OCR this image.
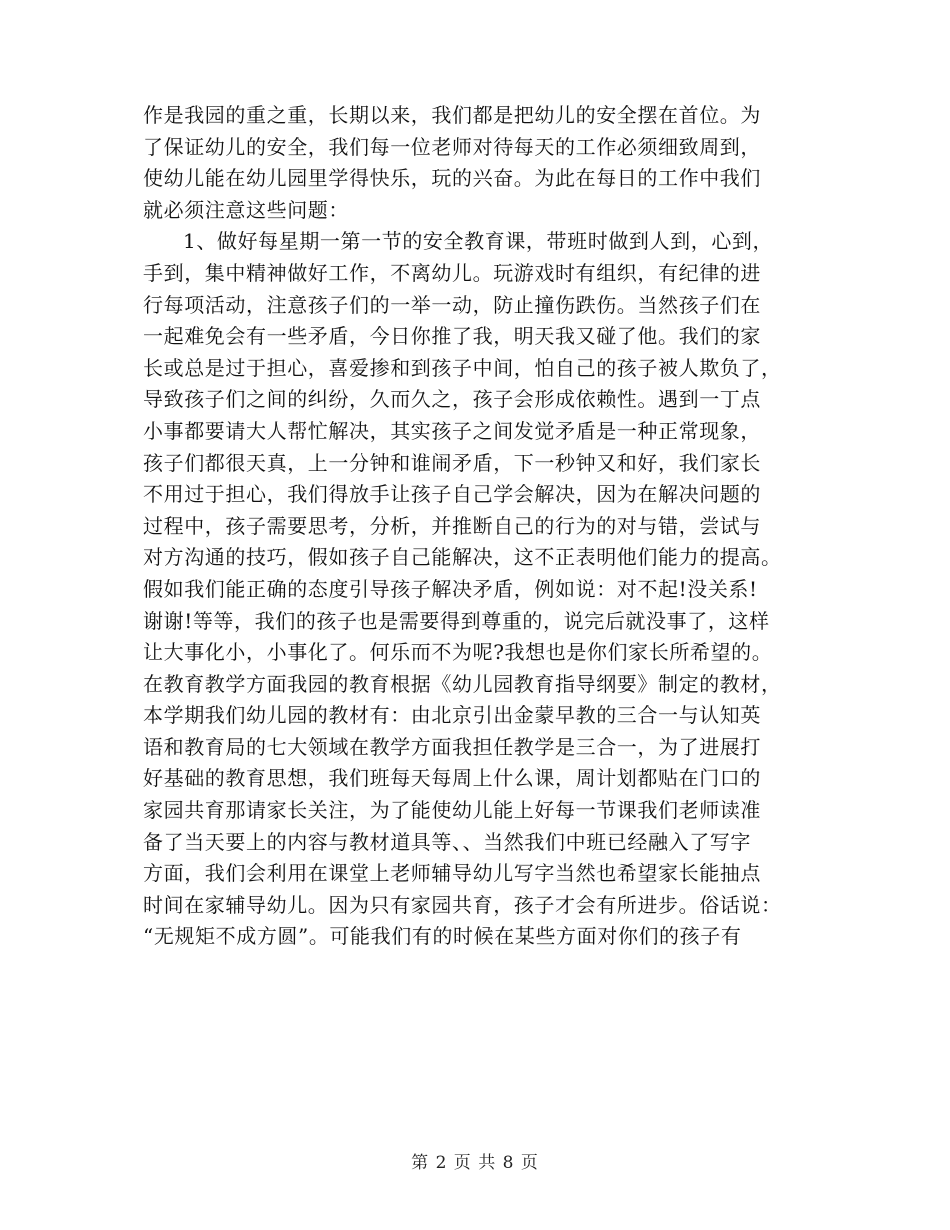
作是我园的重之重，长期以来，我们都是把幼儿的安全摆在首位。为
了保证幼儿的安全，我们每一位老师对待每天的工作必须细致周到，
使幼儿能在幼儿园里学得快乐，玩的兴奋。为此在每日的工作中我们
就必须注意这些问题：
1、做好每星期一第一节的安全教育课，带班时做到人到，心到，
手到，集中精神做好工作，不离幼儿。玩游戏时有组织，有纪律的进
行每项活动，注意孩子们的一举一动，防止撞伤跌伤。当然孩子们在
一起难免会有一些矛盾，今日你推了我，明天我又碰了他。我们的家
长或总是过于担心，喜爱掺和到孩子中间，怕自己的孩子被人欺负了，
导致孩子们之间的纠纷，久而久之，孩子会形成依赖性。遇到一丁点
小事都要请大人帮忙解决，其实孩子之间发觉矛盾是一种正常现象，
孩子们都很天真，上一分钟和谁闹矛盾，下一秒钟又和好，我们家长
不用过于担心，我们得放手让孩子自己学会解决，因为在解决问题的
过程中，孩子需要思考，分析，并推断自己的行为的对与错，尝试与
对方沟通的技巧，假如孩子自己能解决，这不正表明他们能力的提高。
假如我们能正确的态度引导孩子解决矛盾，例如说：对不起!没关系!
谢谢!等等，我们的孩子也是需要得到尊重的，说完后就没事了，这样
让大事化小，小事化了。何乐而不为呢?我想也是你们家长所希望的。
在教育教学方面我园的教育根据《幼儿园教育指导纲要》制定的教材，
本学期我们幼儿园的教材有：由北京引出金蒙早教的三合一与认知英
语和教育局的七大领域在教学方面我担任教学是三合一，为了进展打
好基础的教育思想，我们班每天每周上什么课，周计划都贴在门口的
家园共育那请家长关注，为了能使幼儿能上好每一节课我们老师读准
备了当天要上的内容与教材道具等、、当然我们中班已经融入了写字
方面，我们会利用在课堂上老师辅导幼儿写字当然也希望家长能抽点
时间在家辅导幼儿。因为只有家园共育，孩子才会有所进步。俗话说：
“无规矩不成方圆”。可能我们有的时候在某些方面对你们的孩子有
第 2 页 共 8 页
